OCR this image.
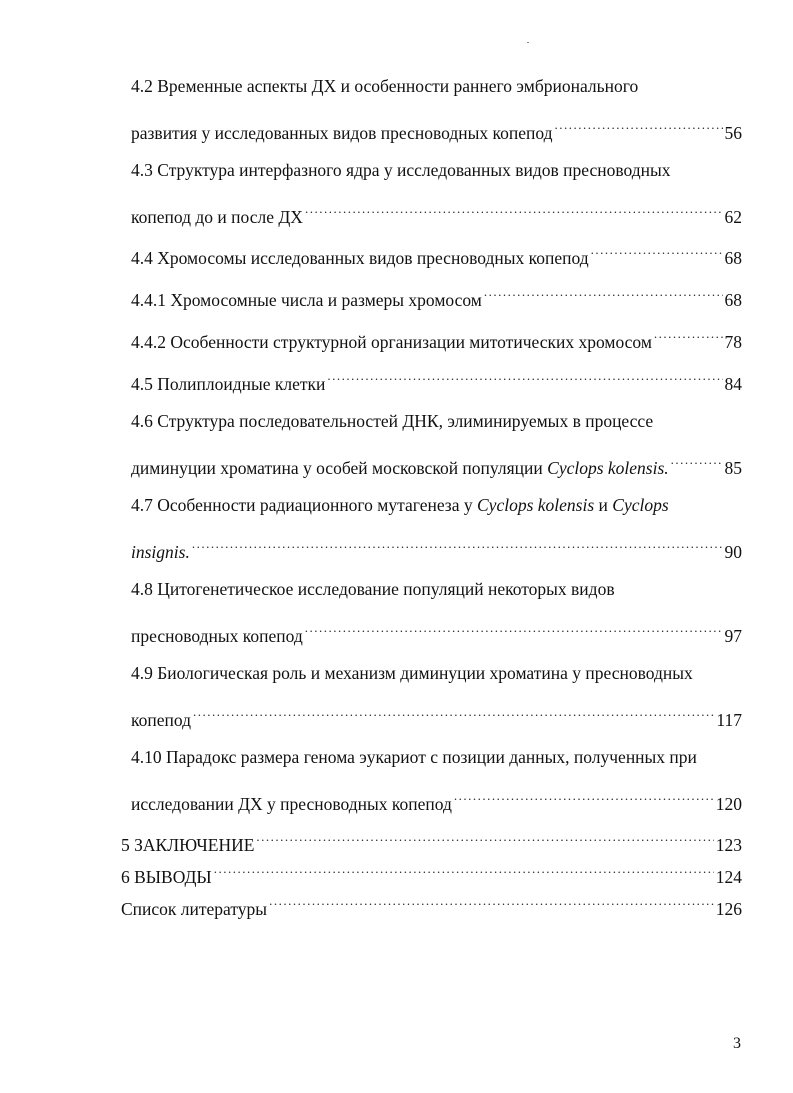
4.2 Временные аспекты ДХ и особенности раннего эмбрионального
развития у исследованных видов пресноводных копепод .....	56
4.3 Структура интерфазного ядра у исследованных видов пресноводных
копепод до и после ДХ .....	62
4.4 Хромосомы исследованных видов пресноводных копепод .....	68
4.4.1 Хромосомные числа и размеры хромосом .....	68
4.4.2 Особенности структурной организации митотических хромосом .....	78
4.5 Полиплоидные клетки .....	84
4.6 Структура последовательностей ДНК, элиминируемых в процессе
диминуции хроматина у особей московской популяции Cyclops kolensis. .....	85
4.7 Особенности радиационного мутагенеза у Cyclops kolensis и Cyclops
insignis. .....	90
4.8 Цитогенетическое исследование популяций некоторых видов
пресноводных копепод .....	97
4.9 Биологическая роль и механизм диминуции хроматина у пресноводных
копепод .....	117
4.10 Парадокс размера генома эукариот с позиции данных, полученных при
исследовании ДХ у пресноводных копепод .....	120
5 ЗАКЛЮЧЕНИЕ .....	123
6 ВЫВОДЫ .....	124
Список литературы .....	126
3
